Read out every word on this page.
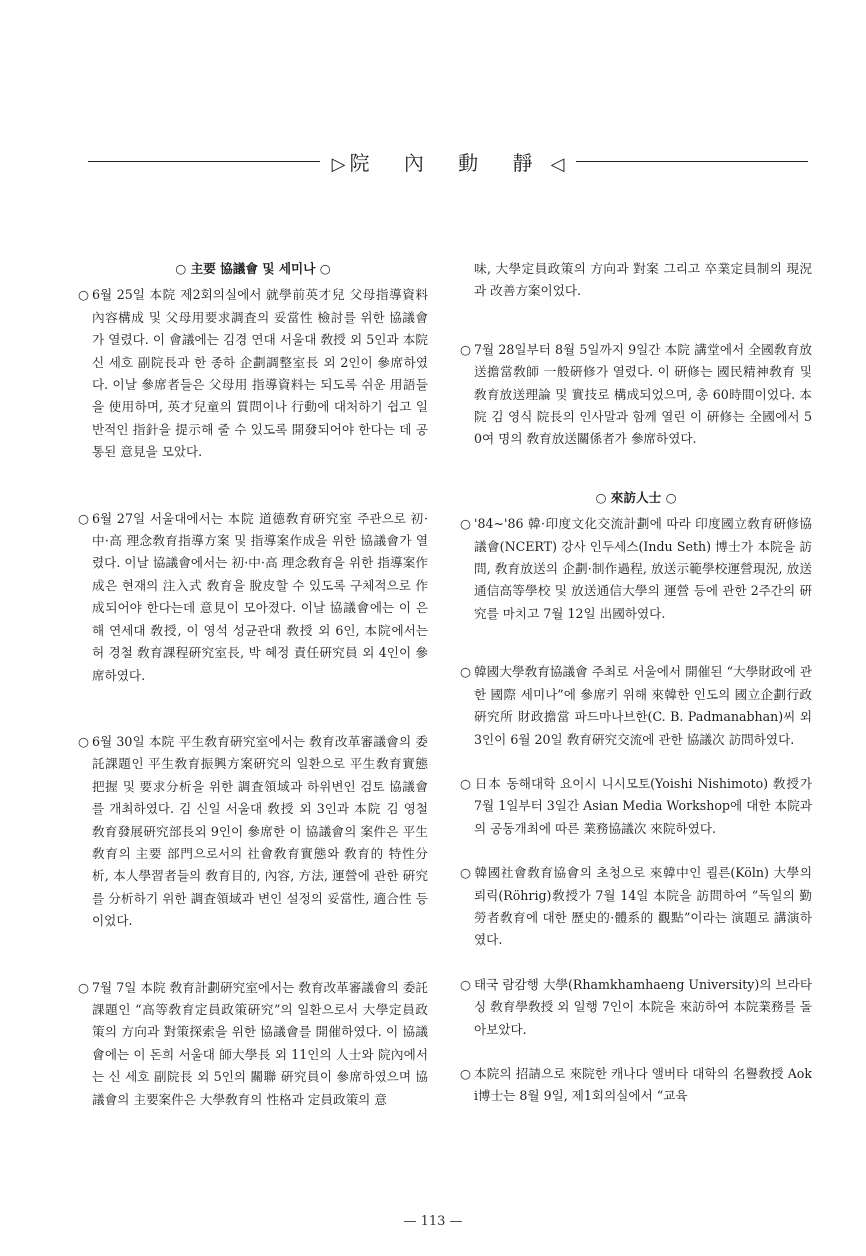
▷ 院 內 動 靜 ◁
○ 主要 協議會 및 세미나 ○

○ 6월 25일 本院 제2회의실에서 就學前英才兒 父母指導資料內容構成 및 父母用要求調査의 妥當性 檢討를 위한 協議會가 열렸다. 이 會議에는 김경 연대 서울대 敎授 외 5인과 本院 신 세호 副院長과 한 종하 企劃調整室長 외 2인이 參席하였다. 이날 參席者들은 父母用 指導資料는 되도록 쉬운 用語들을 使用하며, 英才兒童의 質問이나 行動에 대처하기 쉽고 일반적인 指針을 提示해 줄 수 있도록 開發되어야 한다는 데 공통된 意見을 모았다.

○ 6월 27일 서울대에서는 本院 道德敎育硏究室 주관으로 初·中·高 理念敎育指導方案 및 指導案作成을 위한 協議會가 열렸다. 이날 協議會에서는 初·中·高 理念敎育을 위한 指導案作成은 현재의 注入式 敎育을 脫皮할 수 있도록 구체적으로 作成되어야 한다는데 意見이 모아졌다. 이날 協議會에는 이 은해 연세대 敎授, 이 영석 성균관대 敎授 외 6인, 本院에서는 허 경철 敎育課程硏究室長, 박 혜정 責任硏究員 외 4인이 參席하였다.

○ 6월 30일 本院 平生敎育硏究室에서는 敎育改革審議會의 委託課題인 平生敎育振興方案硏究의 일환으로 平生敎育實態把握 및 要求分析을 위한 調査領域과 하위변인 검토 協議會를 개최하였다. 김 신일 서울대 敎授 외 3인과 本院 김 영철 敎育發展硏究部長외 9인이 參席한 이 協議會의 案件은 平生敎育의 主要 部門으로서의 社會敎育實態와 敎育的 特性分析, 本人學習者들의 敎育目的, 內容, 方法, 運營에 관한 硏究를 分析하기 위한 調査領域과 변인 설정의 妥當性, 適合性 등이었다.

○ 7월 7일 本院 敎育計劃硏究室에서는 敎育改革審議會의 委託課題인 “高等敎育定員政策硏究”의 일환으로서 大學定員政策의 方向과 對策探索을 위한 協議會를 開催하였다. 이 協議會에는 이 돈희 서울대 師大學長 외 11인의 人士와 院內에서는 신 세호 副院長 외 5인의 關聯 硏究員이 參席하였으며 協議會의 主要案件은 大學敎育의 性格과 定員政策의 意

味, 大學定員政策의 方向과 對案 그리고 卒業定員制의 現況과 改善方案이었다.

○ 7월 28일부터 8월 5일까지 9일간 本院 講堂에서 全國敎育放送擔當敎師 一般硏修가 열렸다. 이 硏修는 國民精神敎育 및 敎育放送理論 및 實技로 構成되었으며, 총 60時間이었다. 本院 김 영식 院長의 인사말과 함께 열린 이 硏修는 全國에서 50여 명의 敎育放送關係者가 參席하였다.

○ 來訪人士 ○

○ '84~'86 韓·印度文化交流計劃에 따라 印度國立敎育硏修協議會(NCERT) 강사 인두세스(Indu Seth) 博士가 本院을 訪問, 敎育放送의 企劃·制作過程, 放送示範學校運營現況, 放送通信高等學校 및 放送通信大學의 運營 등에 관한 2주간의 硏究를 마치고 7월 12일 出國하였다.

○ 韓國大學敎育協議會 주최로 서울에서 開催된 “大學財政에 관한 國際 세미나”에 參席키 위해 來韓한 인도의 國立企劃行政硏究所 財政擔當 파드마나브한(C. B. Padmanabhan)씨 외 3인이 6월 20일 敎育硏究交流에 관한 協議次 訪問하였다.

○ 日本 동해대학 요이시 니시모토(Yoishi Nishimoto) 敎授가 7월 1일부터 3일간 Asian Media Workshop에 대한 本院과의 공동개최에 따른 業務協議次 來院하였다.

○ 韓國社會敎育協會의 초청으로 來韓中인 쾰른(Köln) 大學의 뢰릭(Röhrig)敎授가 7월 14일 本院을 訪問하여 “독일의 勤勞者敎育에 대한 歷史的·體系的 觀點”이라는 演題로 講演하였다.

○ 태국 람캄행 大學(Rhamkhamhaeng University)의 브라타싱 敎育學敎授 외 일행 7인이 本院을 來訪하여 本院業務를 돌아보았다.

○ 本院의 招請으로 來院한 캐나다 앨버타 대학의 名譽敎授 Aoki博士는 8월 9일, 제1회의실에서 “교육

— 113 —
